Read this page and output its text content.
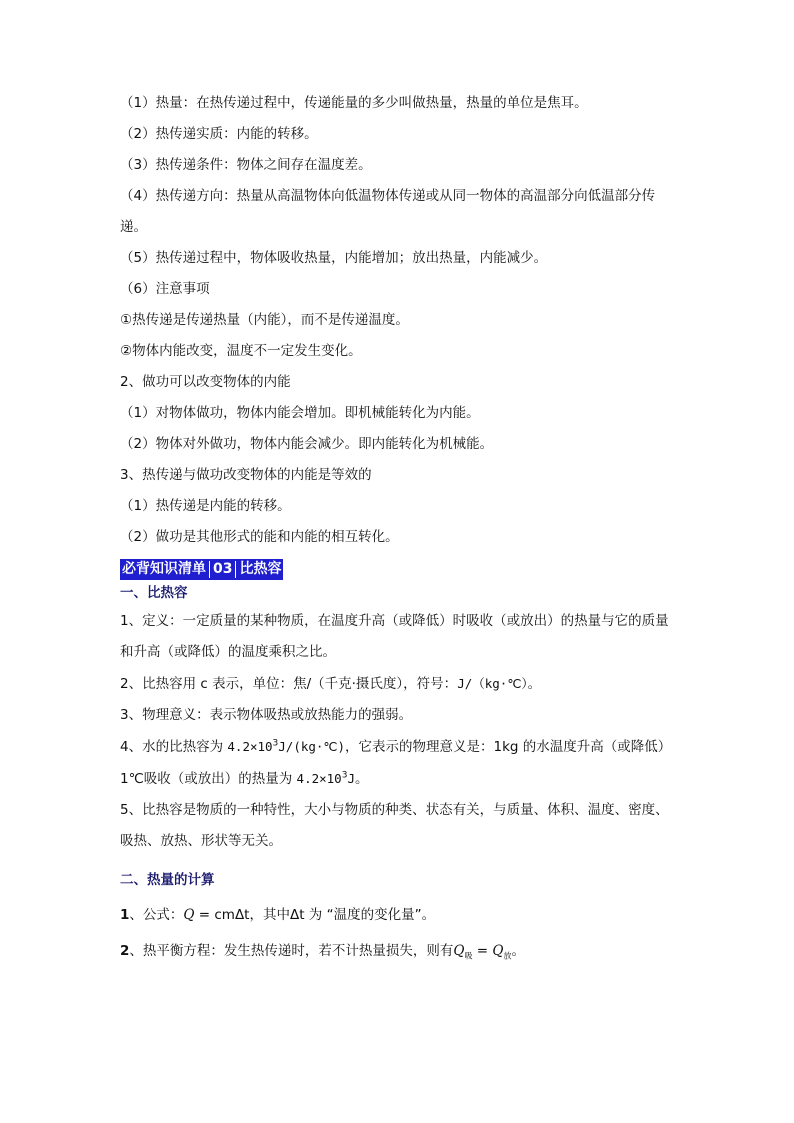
（1）热量：在热传递过程中，传递能量的多少叫做热量，热量的单位是焦耳。
（2）热传递实质：内能的转移。
（3）热传递条件：物体之间存在温度差。
（4）热传递方向：热量从高温物体向低温物体传递或从同一物体的高温部分向低温部分传
递。
（5）热传递过程中，物体吸收热量，内能增加；放出热量，内能减少。
（6）注意事项
①热传递是传递热量（内能），而不是传递温度。
②物体内能改变，温度不一定发生变化。
2、做功可以改变物体的内能
（1）对物体做功，物体内能会增加。即机械能转化为内能。
（2）物体对外做功，物体内能会减少。即内能转化为机械能。
3、热传递与做功改变物体的内能是等效的
（1）热传递是内能的转移。
（2）做功是其他形式的能和内能的相互转化。
必背知识清单 03 比热容
一、比热容
1、定义：一定质量的某种物质，在温度升高（或降低）时吸收（或放出）的热量与它的质量
和升高（或降低）的温度乘积之比。
2、比热容用 c 表示，单位：焦/（千克·摄氏度），符号：J/（kg·℃）。
3、物理意义：表示物体吸热或放热能力的强弱。
4、水的比热容为 $4.2\times 10^3J/(kg\cdot℃)$，它表示的物理意义是：1kg 的水温度升高（或降低）
1℃吸收（或放出）的热量为 $4.2\times 10^3J$。
5、比热容是物质的一种特性，大小与物质的种类、状态有关，与质量、体积、温度、密度、
吸热、放热、形状等无关。
二、热量的计算
1、公式：Q = cmΔt，其中Δt 为 “温度的变化量”。
2、热平衡方程：发生热传递时，若不计热量损失，则有$Q_吸 = Q_放$。
